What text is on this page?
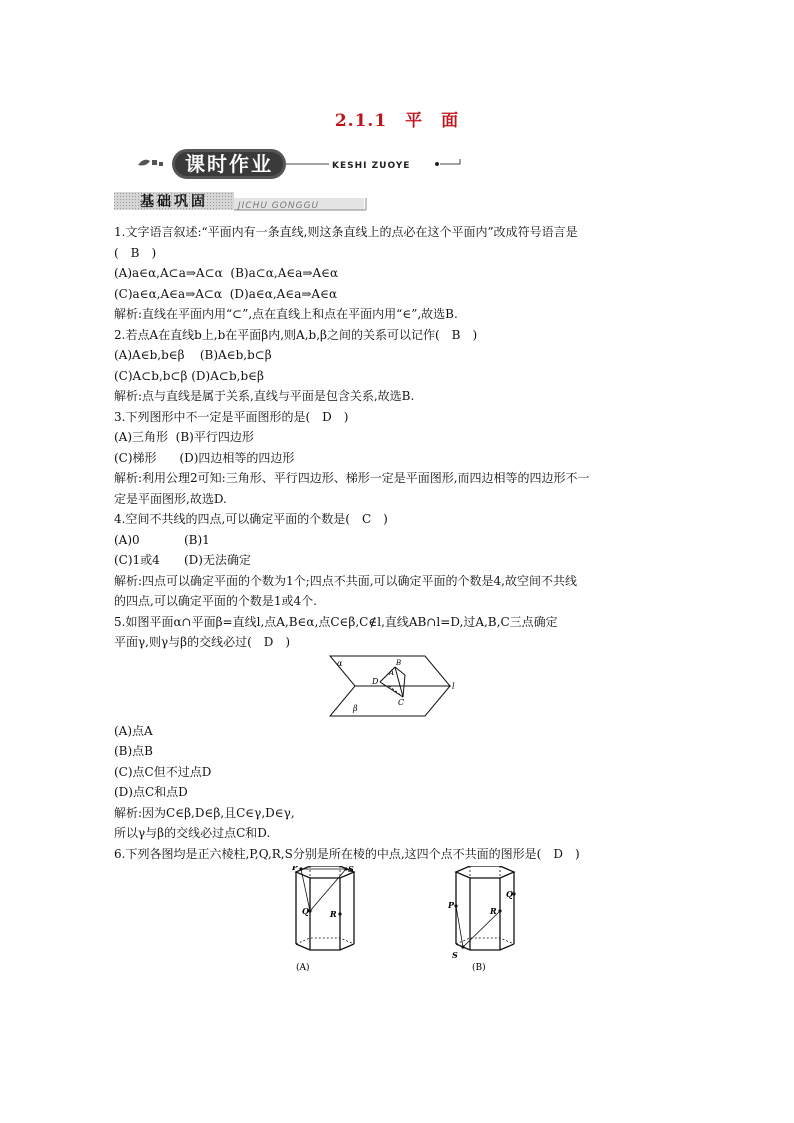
2.1.1　平　面
课时作业	KESHI ZUOYE
基础巩固	JICHU GONGGU

1.文字语言叙述:“平面内有一条直线,则这条直线上的点必在这个平面内”改成符号语言是

(　B　)

(A)a∈α,A⊂a⇒A⊂α (B)a⊂α,A∈a⇒A∈α

(C)a∈α,A∈a⇒A⊂α (D)a∈α,A∈a⇒A∈α

解析:直线在平面内用“⊂”,点在直线上和点在平面内用“∈”,故选B.

2.若点A在直线b上,b在平面β内,则A,b,β之间的关系可以记作(　B　)

(A)A∈b,b∈β (B)A∈b,b⊂β

(C)A⊂b,b⊂β (D)A⊂b,b∈β

解析:点与直线是属于关系,直线与平面是包含关系,故选B.

3.下列图形中不一定是平面图形的是(　D　)

(A)三角形 (B)平行四边形

(C)梯形 (D)四边相等的四边形

解析:利用公理2可知:三角形、平行四边形、梯形一定是平面图形,而四边相等的四边形不一

定是平面图形,故选D.

4.空间不共线的四点,可以确定平面的个数是(　C　)

(A)0	(B)1

(C)1或4 (D)无法确定

解析:四点可以确定平面的个数为1个;四点不共面,可以确定平面的个数是4,故空间不共线

的四点,可以确定平面的个数是1或4个.

5.如图平面α∩平面β=直线l,点A,B∈α,点C∈β,C∉l,直线AB∩l=D,过A,B,C三点确定

平面γ,则γ与β的交线必过(　D　)

α
β
l
D
A
B
C

(A)点A

(B)点B

(C)点C但不过点D

(D)点C和点D

解析:因为C∈β,D∈β,且C∈γ,D∈γ,

所以γ与β的交线必过点C和D.

6.下列各图均是正六棱柱,P,Q,R,S分别是所在棱的中点,这四个点不共面的图形是(　D　)

P	S
Q	R
(A)
P
S
Q
R
(B)
